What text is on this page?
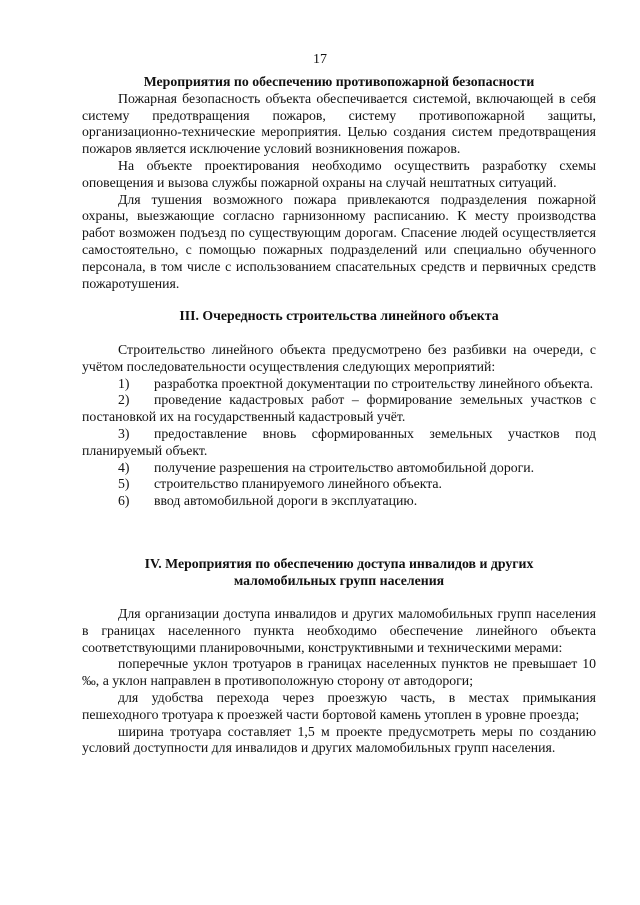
17
Мероприятия по обеспечению противопожарной безопасности

Пожарная безопасность объекта обеспечивается системой, включающей в себя систему предотвращения пожаров, систему противопожарной защиты, организационно-технические мероприятия. Целью создания систем предотвращения пожаров является исключение условий возникновения пожаров.

На объекте проектирования необходимо осуществить разработку схемы оповещения и вызова службы пожарной охраны на случай нештатных ситуаций.

Для тушения возможного пожара привлекаются подразделения пожарной охраны, выезжающие согласно гарнизонному расписанию. К месту производства работ возможен подъезд по существующим дорогам. Спасение людей осуществляется самостоятельно, с помощью пожарных подразделений или специально обученного персонала, в том числе с использованием спасательных средств и первичных средств пожаротушения.

III. Очередность строительства линейного объекта

Строительство линейного объекта предусмотрено без разбивки на очереди, с учётом последовательности осуществления следующих мероприятий:

1) разработка проектной документации по строительству линейного объекта.

2) проведение кадастровых работ – формирование земельных участков с постановкой их на государственный кадастровый учёт.

3) предоставление вновь сформированных земельных участков под планируемый объект.

4) получение разрешения на строительство автомобильной дороги.

5) строительство планируемого линейного объекта.

6) ввод автомобильной дороги в эксплуатацию.

IV. Мероприятия по обеспечению доступа инвалидов и других
маломобильных групп населения

Для организации доступа инвалидов и других маломобильных групп населения в границах населенного пункта необходимо обеспечение линейного объекта соответствующими планировочными, конструктивными и техническими мерами:

поперечные уклон тротуаров в границах населенных пунктов не превышает 10 ‰, а уклон направлен в противоположную сторону от автодороги;

для удобства перехода через проезжую часть, в местах примыкания пешеходного тротуара к проезжей части бортовой камень утоплен в уровне проезда;

ширина тротуара составляет 1,5 м проекте предусмотреть меры по созданию условий доступности для инвалидов и других маломобильных групп населения.
